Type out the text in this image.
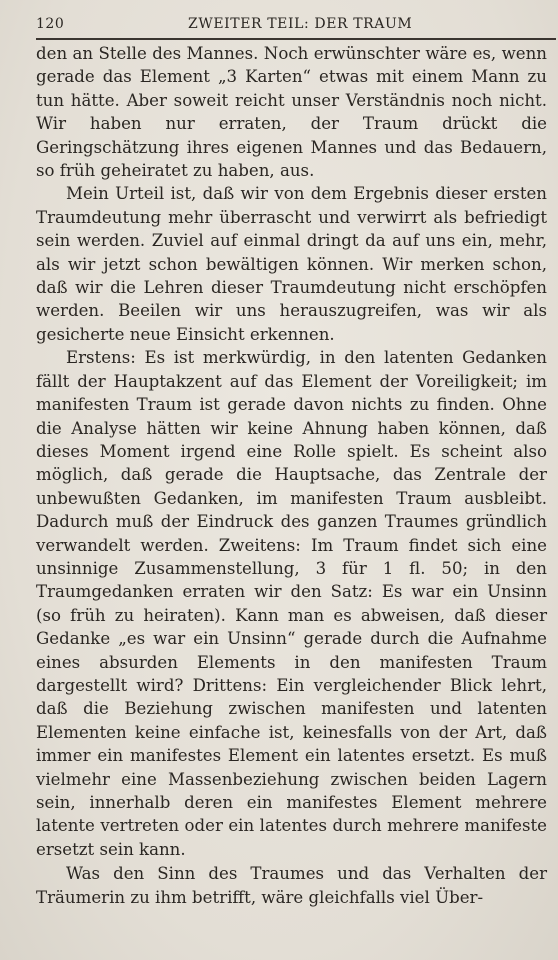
120	ZWEITER TEIL: DER TRAUM

den an Stelle des Mannes. Noch erwünschter wäre es, wenn gerade das Element „3 Karten“ etwas mit einem Mann zu tun hätte. Aber soweit reicht unser Verständnis noch nicht. Wir haben nur erraten, der Traum drückt die Geringschätzung ihres eigenen Mannes und das Bedauern, so früh geheiratet zu haben, aus.

Mein Urteil ist, daß wir von dem Ergebnis dieser ersten Traumdeutung mehr überrascht und verwirrt als befriedigt sein werden. Zuviel auf einmal dringt da auf uns ein, mehr, als wir jetzt schon bewältigen können. Wir merken schon, daß wir die Lehren dieser Traumdeutung nicht erschöpfen werden. Beeilen wir uns herauszugreifen, was wir als gesicherte neue Einsicht erkennen.

Erstens: Es ist merkwürdig, in den latenten Gedanken fällt der Hauptakzent auf das Element der Voreiligkeit; im manifesten Traum ist gerade davon nichts zu finden. Ohne die Analyse hätten wir keine Ahnung haben können, daß dieses Moment irgend eine Rolle spielt. Es scheint also möglich, daß gerade die Hauptsache, das Zentrale der unbewußten Gedanken, im manifesten Traum ausbleibt. Dadurch muß der Eindruck des ganzen Traumes gründlich verwandelt werden. Zweitens: Im Traum findet sich eine unsinnige Zusammenstellung, 3 für 1 fl. 50; in den Traumgedanken erraten wir den Satz: Es war ein Unsinn (so früh zu heiraten). Kann man es abweisen, daß dieser Gedanke „es war ein Unsinn“ gerade durch die Aufnahme eines absurden Elements in den manifesten Traum dargestellt wird? Drittens: Ein vergleichender Blick lehrt, daß die Beziehung zwischen manifesten und latenten Elementen keine einfache ist, keinesfalls von der Art, daß immer ein manifestes Element ein latentes ersetzt. Es muß vielmehr eine Massenbeziehung zwischen beiden Lagern sein, innerhalb deren ein manifestes Element mehrere latente vertreten oder ein latentes durch mehrere manifeste ersetzt sein kann.

Was den Sinn des Traumes und das Verhalten der Träumerin zu ihm betrifft, wäre gleichfalls viel Über-
